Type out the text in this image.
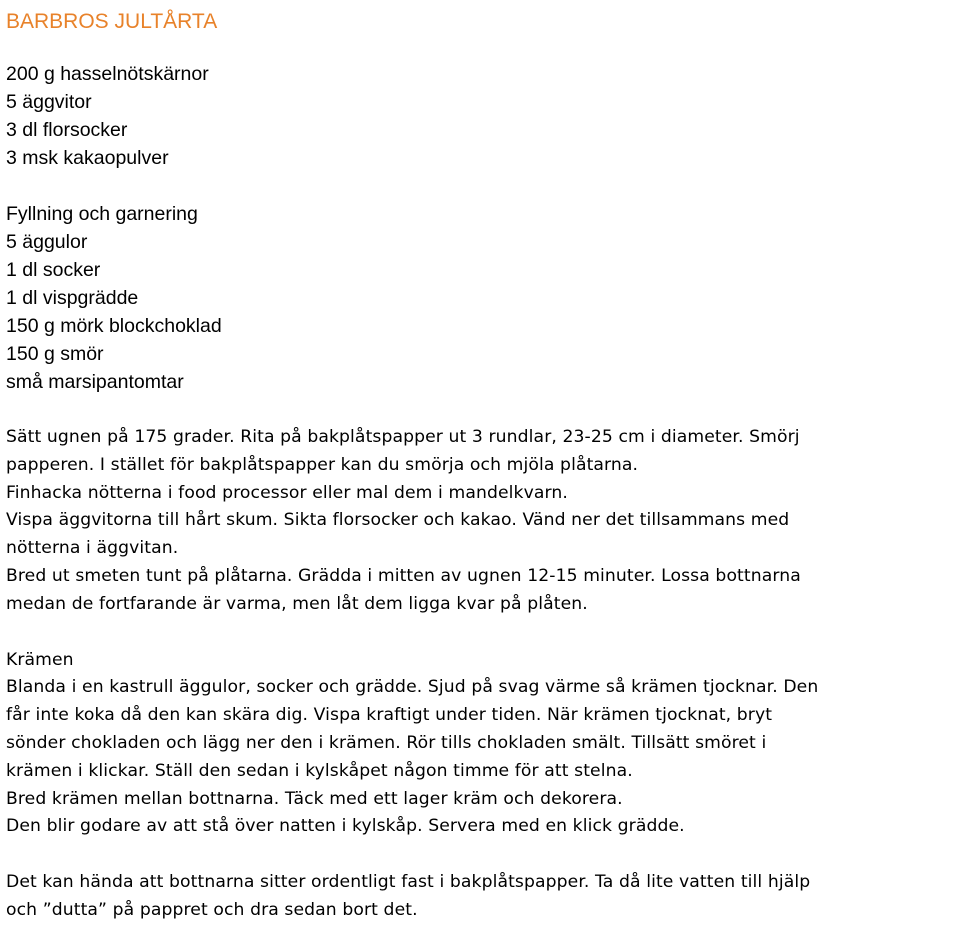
BARBROS JULTÅRTA
200 g hasselnötskärnor
5 äggvitor
3 dl florsocker
3 msk kakaopulver
Fyllning och garnering
5 äggulor
1 dl socker
1 dl vispgrädde
150 g mörk blockchoklad
150 g smör
små marsipantomtar

Sätt ugnen på 175 grader. Rita på bakplåtspapper ut 3 rundlar, 23-25 cm i diameter. Smörj
papperen. I stället för bakplåtspapper kan du smörja och mjöla plåtarna.
Finhacka nötterna i food processor eller mal dem i mandelkvarn.
Vispa äggvitorna till hårt skum. Sikta florsocker och kakao. Vänd ner det tillsammans med
nötterna i äggvitan.
Bred ut smeten tunt på plåtarna. Grädda i mitten av ugnen 12-15 minuter. Lossa bottnarna
medan de fortfarande är varma, men låt dem ligga kvar på plåten.

Krämen
Blanda i en kastrull äggulor, socker och grädde. Sjud på svag värme så krämen tjocknar. Den
får inte koka då den kan skära dig. Vispa kraftigt under tiden. När krämen tjocknat, bryt
sönder chokladen och lägg ner den i krämen. Rör tills chokladen smält. Tillsätt smöret i
krämen i klickar. Ställ den sedan i kylskåpet någon timme för att stelna.
Bred krämen mellan bottnarna. Täck med ett lager kräm och dekorera.
Den blir godare av att stå över natten i kylskåp. Servera med en klick grädde.

Det kan hända att bottnarna sitter ordentligt fast i bakplåtspapper. Ta då lite vatten till hjälp
och ”dutta” på pappret och dra sedan bort det.
